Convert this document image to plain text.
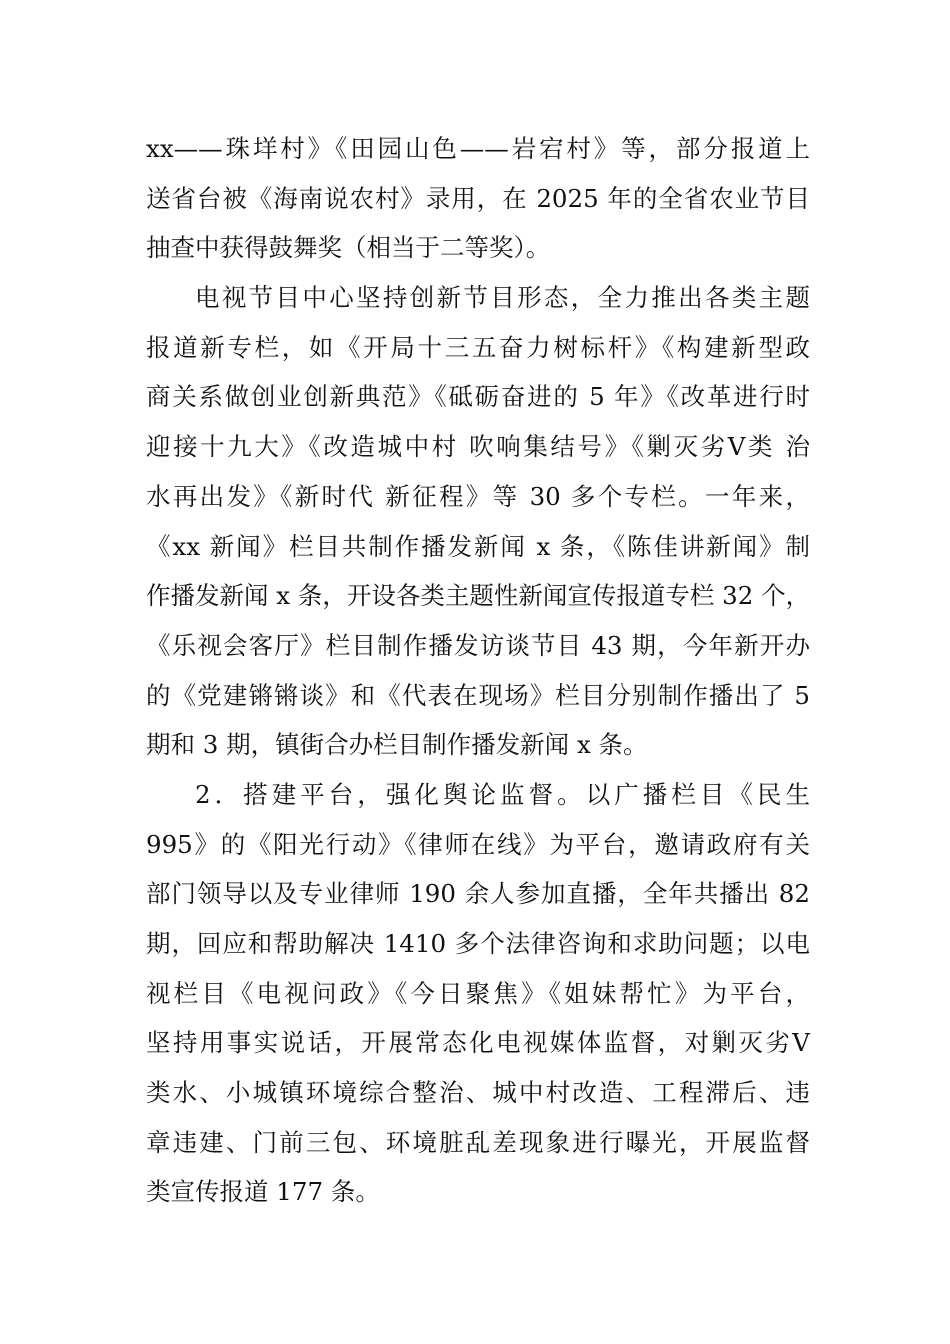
xx——珠垟村》《田园山色——岩宕村》等，部分报道上
送省台被《海南说农村》录用，在 2025 年的全省农业节目
抽查中获得鼓舞奖（相当于二等奖）。
电视节目中心坚持创新节目形态，全力推出各类主题
报道新专栏，如《开局十三五奋力树标杆》《构建新型政
商关系做创业创新典范》《砥砺奋进的 5 年》《改革进行时
迎接十九大》《改造城中村 吹响集结号》《剿灭劣Ⅴ类 治
水再出发》《新时代 新征程》等 30 多个专栏。一年来，
《xx 新闻》栏目共制作播发新闻 x 条，《陈佳讲新闻》制
作播发新闻 x 条，开设各类主题性新闻宣传报道专栏 32 个，
《乐视会客厅》栏目制作播发访谈节目 43 期，今年新开办
的《党建锵锵谈》和《代表在现场》栏目分别制作播出了 5
期和 3 期，镇街合办栏目制作播发新闻 x 条。
2．搭建平台，强化舆论监督。以广播栏目《民生
995》的《阳光行动》《律师在线》为平台，邀请政府有关
部门领导以及专业律师 190 余人参加直播，全年共播出 82
期，回应和帮助解决 1410 多个法律咨询和求助问题；以电
视栏目《电视问政》《今日聚焦》《姐妹帮忙》为平台，
坚持用事实说话，开展常态化电视媒体监督，对剿灭劣Ⅴ
类水、小城镇环境综合整治、城中村改造、工程滞后、违
章违建、门前三包、环境脏乱差现象进行曝光，开展监督
类宣传报道 177 条。
